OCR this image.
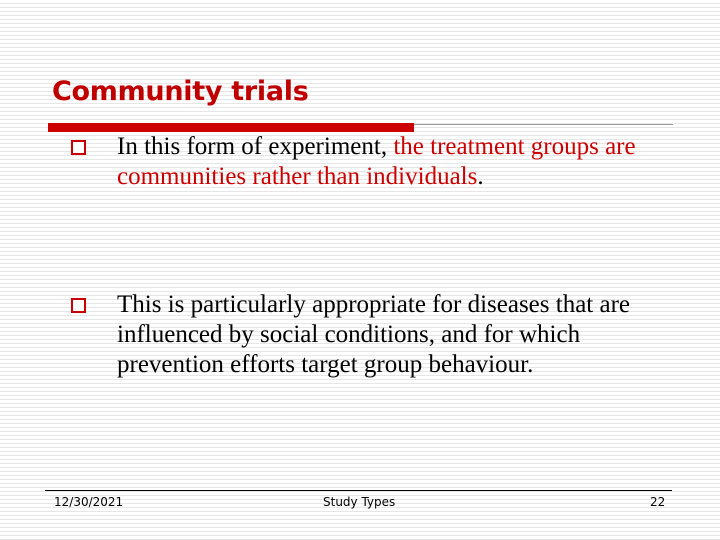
Community trials

In this form of experiment, the treatment groups are communities rather than individuals.

This is particularly appropriate for diseases that are influenced by social conditions, and for which prevention efforts target group behaviour.

12/30/2021	Study Types	22
